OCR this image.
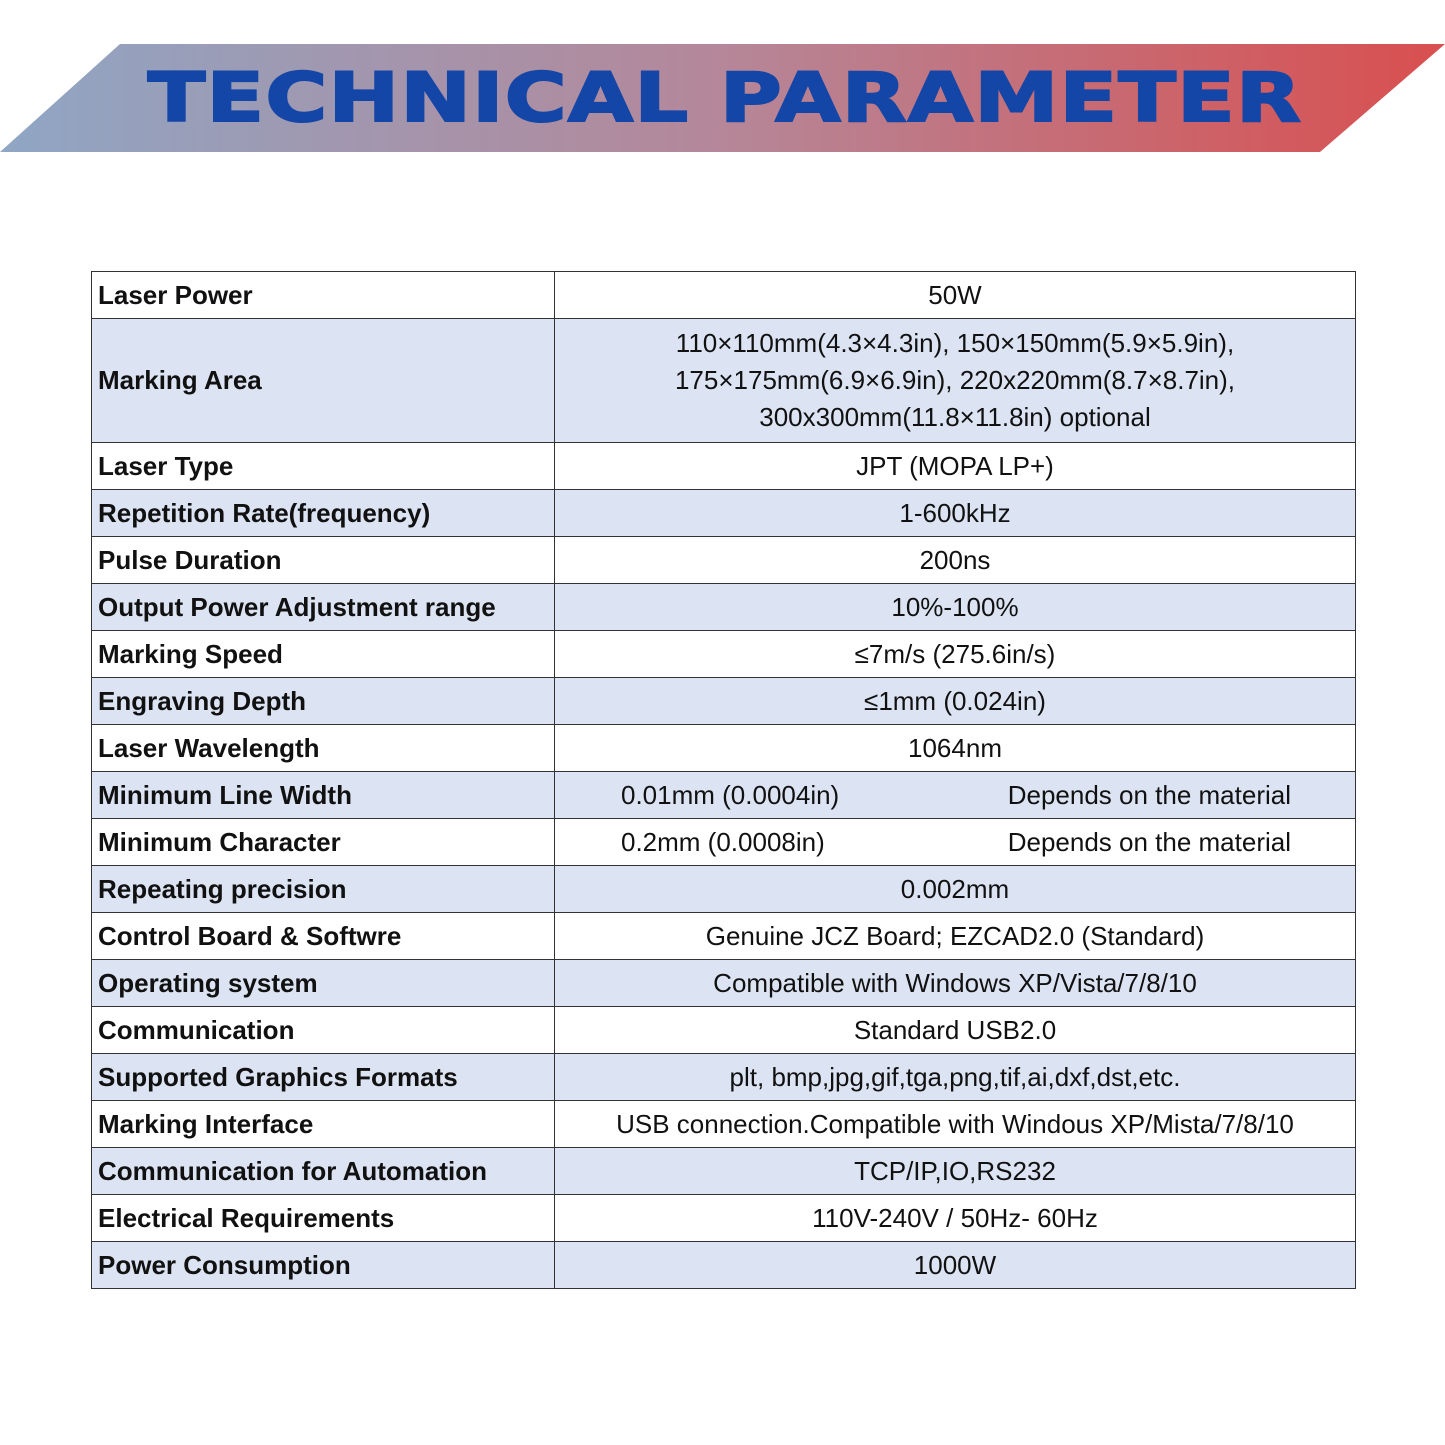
TECHNICAL PARAMETER
Laser Power	50W
Marking Area	110×110mm(4.3×4.3in), 150×150mm(5.9×5.9in),
175×175mm(6.9×6.9in), 220x220mm(8.7×8.7in),
300x300mm(11.8×11.8in) optional

Laser Type	JPT (MOPA LP+)
Repetition Rate(frequency)	1-600kHz
Pulse Duration	200ns
Output Power Adjustment range	10%-100%
Marking Speed	≤7m/s (275.6in/s)
Engraving Depth	≤1mm (0.024in)
Laser Wavelength	1064nm
Minimum Line Width	0.01mm (0.0004in) Depends on the material

Minimum Character	0.2mm (0.0008in) Depends on the material

Repeating precision	0.002mm
Control Board & Softwre	Genuine JCZ Board; EZCAD2.0 (Standard)
Operating system	Compatible with Windows XP/Vista/7/8/10
Communication	Standard USB2.0
Supported Graphics Formats	plt, bmp,jpg,gif,tga,png,tif,ai,dxf,dst,etc.
Marking Interface	USB connection.Compatible with Windous XP/Mista/7/8/10
Communication for Automation	TCP/IP,IO,RS232
Electrical Requirements	110V-240V / 50Hz- 60Hz
Power Consumption	1000W
